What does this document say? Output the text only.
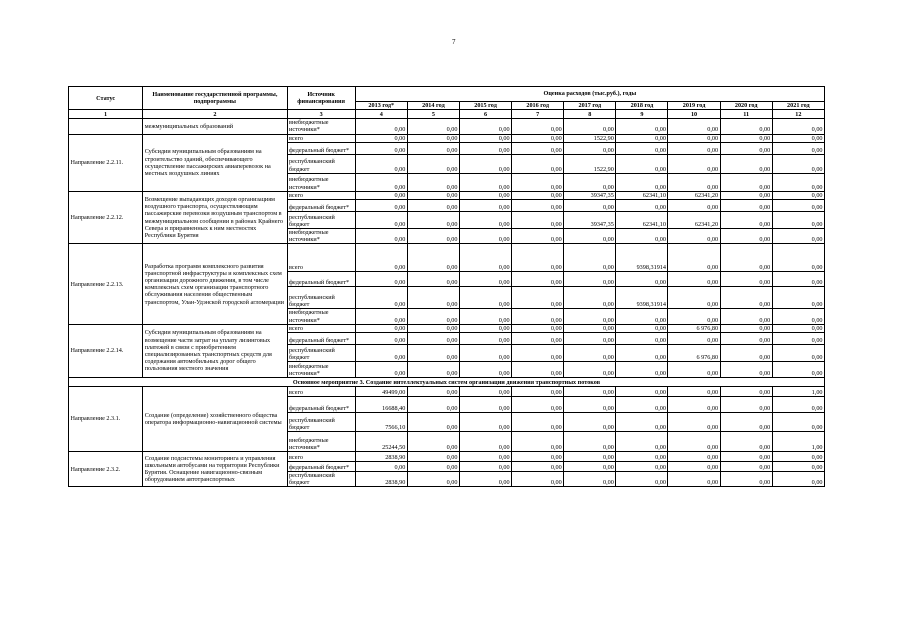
7
Статус	Наименование государственной программы, подпрограммы	Источник финансирования	Оценка расходов (тыс.руб.), годы								
			2013 год*	2014 год	2015 год	2016 год	2017 год	2018 год	2019 год	2020 год	2021 год
1	2	3	4	5	6	7	8	9	10	11	12
	межмуниципальных образований	внебюджетные источники*	0,00	0,00	0,00	0,00	0,00	0,00	0,00	0,00	0,00
Направление 2.2.11.	Субсидии муниципальным образованиям на строительство зданий, обеспечивающего осуществление пассажирских авиаперевозок на местных воздушных линиях	всего	0,00	0,00	0,00	0,00	1522,90	0,00	0,00	0,00	0,00
		федеральный бюджет*	0,00	0,00	0,00	0,00	0,00	0,00	0,00	0,00	0,00
		республиканский бюджет	0,00	0,00	0,00	0,00	1522,90	0,00	0,00	0,00	0,00
		внебюджетные источники*	0,00	0,00	0,00	0,00	0,00	0,00	0,00	0,00	0,00
Направление 2.2.12.	Возмещение выпадающих доходов организациям воздушного транспорта, осуществляющим пассажирские перевозки воздушным транспортом в межмуниципальном сообщении в районах Крайнего Севера и приравненных к ним местностях Республики Бурятия	всего	0,00	0,00	0,00	0,00	39347,35	62341,10	62341,20	0,00	0,00
		федеральный бюджет*	0,00	0,00	0,00	0,00	0,00	0,00	0,00	0,00	0,00
		республиканский бюджет	0,00	0,00	0,00	0,00	39347,35	62341,10	62341,20	0,00	0,00
		внебюджетные источники*	0,00	0,00	0,00	0,00	0,00	0,00	0,00	0,00	0,00
Направление 2.2.13.	Разработка программ комплексного развития транспортной инфраструктуры и комплексных схем организации дорожного движения, в том числе комплексных схем организации транспортного обслуживания населения общественным транспортом, Улан-Удэнской городской агломерации	всего	0,00	0,00	0,00	0,00	0,00	9398,31914	0,00	0,00	0,00
		федеральный бюджет*	0,00	0,00	0,00	0,00	0,00	0,00	0,00	0,00	0,00
		республиканский бюджет	0,00	0,00	0,00	0,00	0,00	9398,31914	0,00	0,00	0,00
		внебюджетные источники*	0,00	0,00	0,00	0,00	0,00	0,00	0,00	0,00	0,00
Направление 2.2.14.	Субсидии муниципальным образованиям на возмещение части затрат на уплату лизинговых платежей в связи с приобретением специализированных транспортных средств для содержания автомобильных дорог общего пользования местного значения	всего	0,00	0,00	0,00	0,00	0,00	0,00	6 976,80	0,00	0,00
		федеральный бюджет*	0,00	0,00	0,00	0,00	0,00	0,00	0,00	0,00	0,00
		республиканский бюджет	0,00	0,00	0,00	0,00	0,00	0,00	6 976,80	0,00	0,00
		внебюджетные источники*	0,00	0,00	0,00	0,00	0,00	0,00	0,00	0,00	0,00
Основное мероприятие 3. Создание интеллектуальных систем организации движения транспортных потоков											
Направление 2.3.1.	Создание (определение) хозяйственного общества оператора информационно-навигационной системы	всего	49499,00	0,00	0,00	0,00	0,00	0,00	0,00	0,00	1,00
		федеральный бюджет*	16688,40	0,00	0,00	0,00	0,00	0,00	0,00	0,00	0,00
		республиканский бюджет	7566,10	0,00	0,00	0,00	0,00	0,00	0,00	0,00	0,00
		внебюджетные источники*	25244,50	0,00	0,00	0,00	0,00	0,00	0,00	0,00	1,00
Направление 2.3.2.	Создание подсистемы мониторинга и управления школьными автобусами на территории Республики Бурятия. Оснащение навигационно-связным оборудованием автотранспортных	всего	2838,90	0,00	0,00	0,00	0,00	0,00	0,00	0,00	0,00
		федеральный бюджет*	0,00	0,00	0,00	0,00	0,00	0,00	0,00	0,00	0,00
		республиканский бюджет	2838,90	0,00	0,00	0,00	0,00	0,00	0,00	0,00	0,00
